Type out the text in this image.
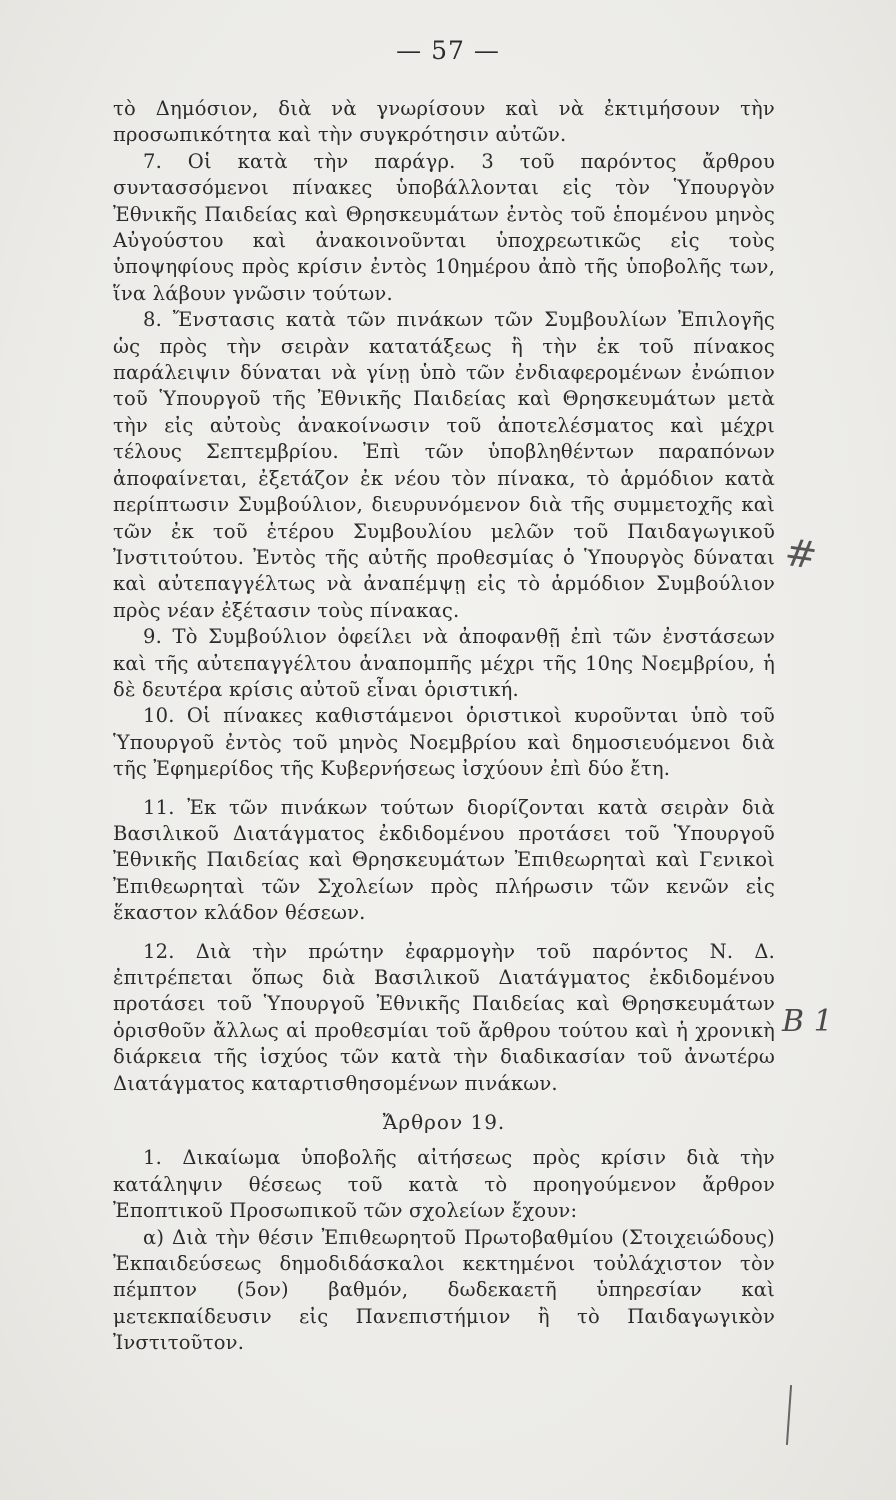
— 57 —

τὸ Δημόσιον, διὰ νὰ γνωρίσουν καὶ νὰ ἐκτιμήσουν τὴν προσωπικότητα καὶ τὴν συγκρότησιν αὐτῶν.

7. Οἱ κατὰ τὴν παράγρ. 3 τοῦ παρόντος ἄρθρου συντασσόμενοι πίνακες ὑποβάλλονται εἰς τὸν Ὑπουργὸν Ἐθνικῆς Παιδείας καὶ Θρησκευμάτων ἐντὸς τοῦ ἑπομένου μηνὸς Αὐγούστου καὶ ἀνακοινοῦνται ὑποχρεωτικῶς εἰς τοὺς ὑποψηφίους πρὸς κρίσιν ἐντὸς 10ημέρου ἀπὸ τῆς ὑποβολῆς των, ἵνα λάβουν γνῶσιν τούτων.

8. Ἔνστασις κατὰ τῶν πινάκων τῶν Συμβουλίων Ἐπιλογῆς ὡς πρὸς τὴν σειρὰν κατατάξεως ἢ τὴν ἐκ τοῦ πίνακος παράλειψιν δύναται νὰ γίνῃ ὑπὸ τῶν ἐνδιαφερομένων ἐνώπιον τοῦ Ὑπουργοῦ τῆς Ἐθνικῆς Παιδείας καὶ Θρησκευμάτων μετὰ τὴν εἰς αὐτοὺς ἀνακοίνωσιν τοῦ ἀποτελέσματος καὶ μέχρι τέλους Σεπτεμβρίου. Ἐπὶ τῶν ὑποβληθέντων παραπόνων ἀποφαίνεται, ἐξετάζον ἐκ νέου τὸν πίνακα, τὸ ἁρμόδιον κατὰ περίπτωσιν Συμβούλιον, διευρυνόμενον διὰ τῆς συμμετοχῆς καὶ τῶν ἐκ τοῦ ἑτέρου Συμβουλίου μελῶν τοῦ Παιδαγωγικοῦ Ἰνστιτούτου. Ἐντὸς τῆς αὐτῆς προθεσμίας ὁ Ὑπουργὸς δύναται καὶ αὐτεπαγγέλτως νὰ ἀναπέμψῃ εἰς τὸ ἁρμόδιον Συμβούλιον πρὸς νέαν ἐξέτασιν τοὺς πίνακας.

9. Τὸ Συμβούλιον ὀφείλει νὰ ἀποφανθῇ ἐπὶ τῶν ἐνστάσεων καὶ τῆς αὐτεπαγγέλτου ἀναπομπῆς μέχρι τῆς 10ης Νοεμβρίου, ἡ δὲ δευτέρα κρίσις αὐτοῦ εἶναι ὁριστική.

10. Οἱ πίνακες καθιστάμενοι ὁριστικοὶ κυροῦνται ὑπὸ τοῦ Ὑπουργοῦ ἐντὸς τοῦ μηνὸς Νοεμβρίου καὶ δημοσιευόμενοι διὰ τῆς Ἐφημερίδος τῆς Κυβερνήσεως ἰσχύουν ἐπὶ δύο ἔτη.

11. Ἐκ τῶν πινάκων τούτων διορίζονται κατὰ σειρὰν διὰ Βασιλικοῦ Διατάγματος ἐκδιδομένου προτάσει τοῦ Ὑπουργοῦ Ἐθνικῆς Παιδείας καὶ Θρησκευμάτων Ἐπιθεωρηταὶ καὶ Γενικοὶ Ἐπιθεωρηταὶ τῶν Σχολείων πρὸς πλήρωσιν τῶν κενῶν εἰς ἕκαστον κλάδον θέσεων.

12. Διὰ τὴν πρώτην ἐφαρμογὴν τοῦ παρόντος Ν. Δ. ἐπιτρέπεται ὅπως διὰ Βασιλικοῦ Διατάγματος ἐκδιδομένου προτάσει τοῦ Ὑπουργοῦ Ἐθνικῆς Παιδείας καὶ Θρησκευμάτων ὁρισθοῦν ἄλλως αἱ προθεσμίαι τοῦ ἄρθρου τούτου καὶ ἡ χρονικὴ διάρκεια τῆς ἰσχύος τῶν κατὰ τὴν διαδικασίαν τοῦ ἀνωτέρω Διατάγματος καταρτισθησομένων πινάκων.

Ἄρθρον 19.

1. Δικαίωμα ὑποβολῆς αἰτήσεως πρὸς κρίσιν διὰ τὴν κατάληψιν θέσεως τοῦ κατὰ τὸ προηγούμενον ἄρθρον Ἐποπτικοῦ Προσωπικοῦ τῶν σχολείων ἔχουν:

α) Διὰ τὴν θέσιν Ἐπιθεωρητοῦ Πρωτοβαθμίου (Στοιχειώδους) Ἐκπαιδεύσεως δημοδιδάσκαλοι κεκτημένοι τοὐλάχιστον τὸν πέμπτον (5ον) βαθμόν, δωδεκαετῆ ὑπηρεσίαν καὶ μετεκπαίδευσιν εἰς Πανεπιστήμιον ἢ τὸ Παιδαγωγικὸν Ἰνστιτοῦτον.

#
B 1
